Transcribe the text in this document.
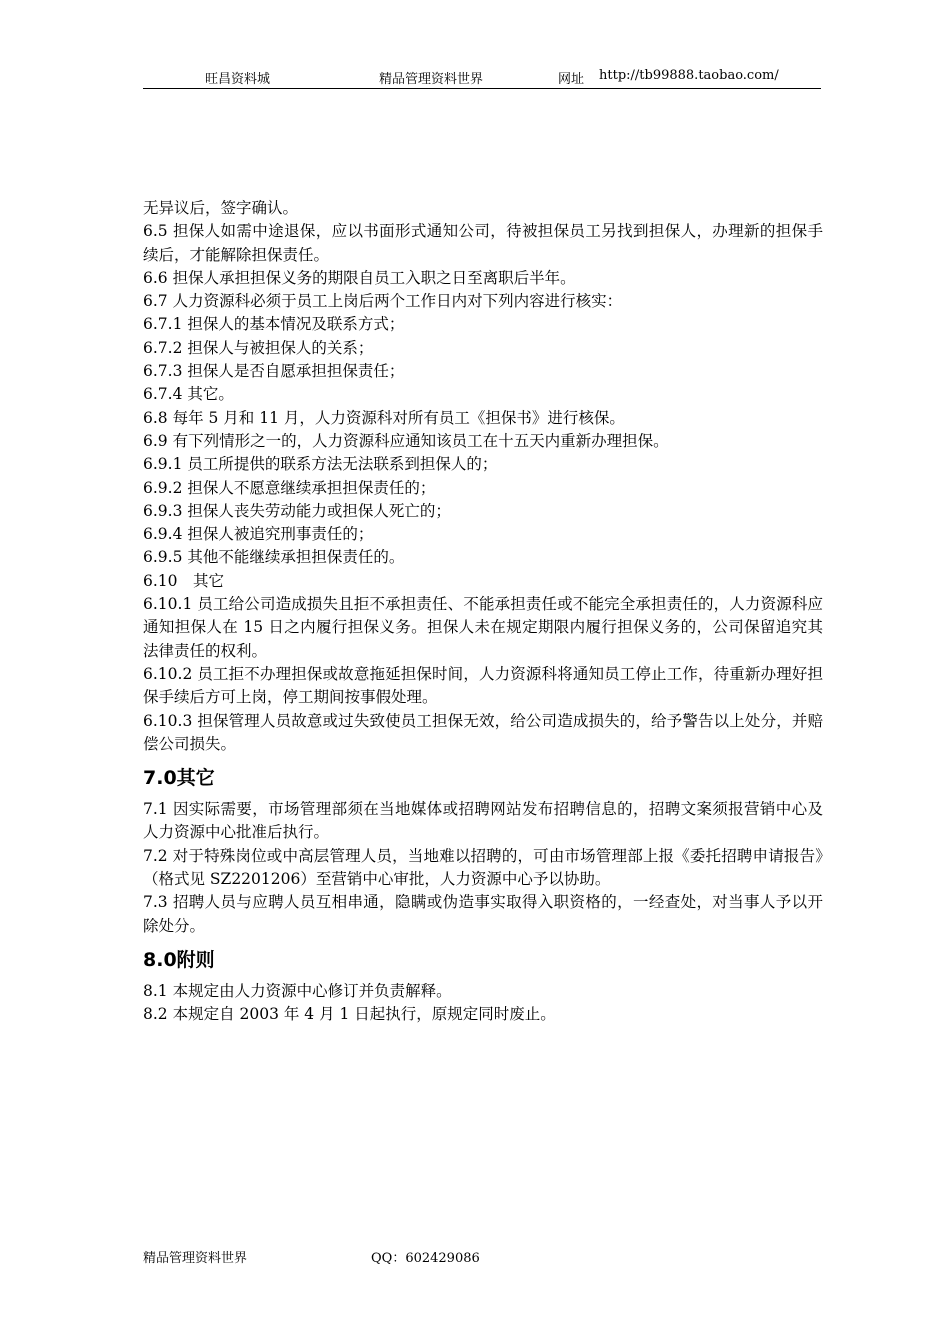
旺昌资料城	精品管理资料世界	网址 http://tb99888.taobao.com/

无异议后，签字确认。

6.5 担保人如需中途退保，应以书面形式通知公司，待被担保员工另找到担保人，办理新的担保手续后，才能解除担保责任。

6.6 担保人承担担保义务的期限自员工入职之日至离职后半年。

6.7 人力资源科必须于员工上岗后两个工作日内对下列内容进行核实：

6.7.1 担保人的基本情况及联系方式；

6.7.2 担保人与被担保人的关系；

6.7.3 担保人是否自愿承担担保责任；

6.7.4 其它。

6.8 每年 5 月和 11 月，人力资源科对所有员工《担保书》进行核保。

6.9 有下列情形之一的，人力资源科应通知该员工在十五天内重新办理担保。

6.9.1 员工所提供的联系方法无法联系到担保人的；

6.9.2 担保人不愿意继续承担担保责任的；

6.9.3 担保人丧失劳动能力或担保人死亡的；

6.9.4 担保人被追究刑事责任的；

6.9.5 其他不能继续承担担保责任的。

6.10　其它

6.10.1 员工给公司造成损失且拒不承担责任、不能承担责任或不能完全承担责任的，人力资源科应通知担保人在 15 日之内履行担保义务。担保人未在规定期限内履行担保义务的，公司保留追究其法律责任的权利。

6.10.2 员工拒不办理担保或故意拖延担保时间，人力资源科将通知员工停止工作，待重新办理好担保手续后方可上岗，停工期间按事假处理。

6.10.3 担保管理人员故意或过失致使员工担保无效，给公司造成损失的，给予警告以上处分，并赔偿公司损失。

7.0其它

7.1 因实际需要，市场管理部须在当地媒体或招聘网站发布招聘信息的，招聘文案须报营销中心及人力资源中心批准后执行。

7.2 对于特殊岗位或中高层管理人员，当地难以招聘的，可由市场管理部上报《委托招聘申请报告》（格式见 SZ2201206）至营销中心审批，人力资源中心予以协助。

7.3 招聘人员与应聘人员互相串通，隐瞒或伪造事实取得入职资格的，一经查处，对当事人予以开除处分。

8.0附则

8.1 本规定由人力资源中心修订并负责解释。

8.2 本规定自 2003 年 4 月 1 日起执行，原规定同时废止。

精品管理资料世界	QQ：602429086
